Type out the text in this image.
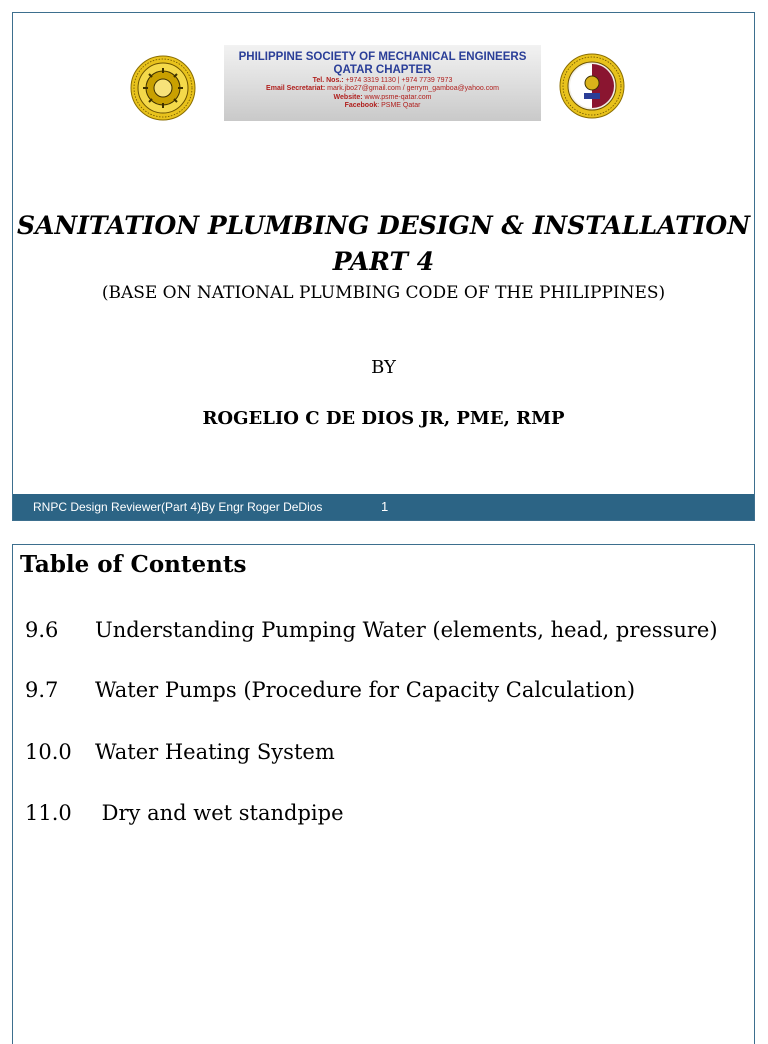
PHILIPPINE SOCIETY OF MECHANICAL ENGINEERS
QATAR CHAPTER
Tel. Nos.: +974 3319 1130 | +974 7739 7973
Email Secretariat: mark.jbo27@gmail.com / gerrym_gamboa@yahoo.com
Website: www.psme-qatar.com
Facebook: PSME Qatar
SANITATION PLUMBING DESIGN & INSTALLATION
PART 4
(BASE ON NATIONAL PLUMBING CODE OF THE PHILIPPINES)
BY
ROGELIO C DE DIOS JR, PME, RMP
RNPC Design Reviewer(Part 4)By Engr Roger DeDios	1
Table of Contents
9.6 Understanding Pumping Water (elements, head, pressure)
9.7 Water Pumps (Procedure for Capacity Calculation)
10.0 Water Heating System
11.0 Dry and wet standpipe
